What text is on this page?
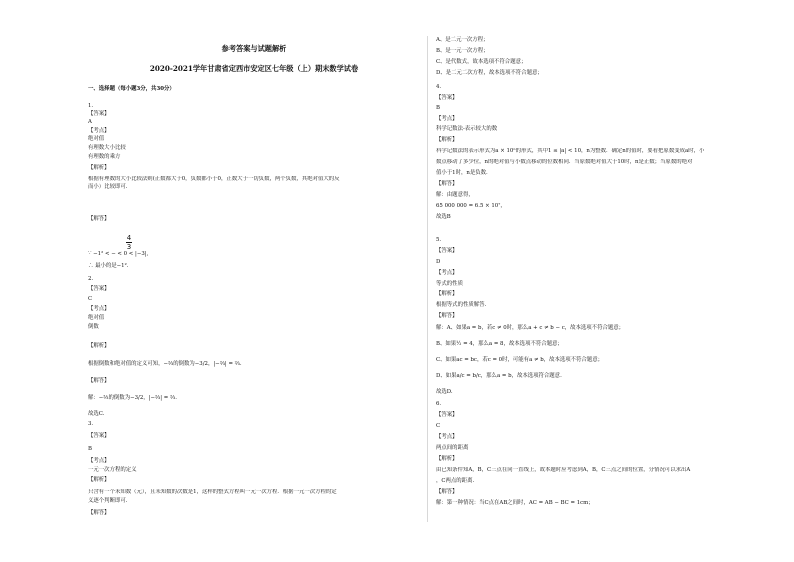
参考答案与试题解析
2020-2021学年甘肃省定西市安定区七年级（上）期末数学试卷
一、选择题（每小题3分，共30分）
1.
【答案】
A
【考点】
绝对值
有理数大小比较
有理数的乘方
【解析】
根据有理数的大小比较法则(正数都大于0，负数都小于0，正数大于一切负数，两个负数，其绝对值大的反
而小）比较即可.
【解答】
4
3
∵ −1² < − < 0 < |−3|,
∴ 最小的是−1².
2.
【答案】
C
【考点】
绝对值
倒数
【解析】
根据倒数和绝对值的定义可知，−⅔的倒数为−3/2，|−⅔| = ⅔.
【解答】
解：−⅔的倒数为−3/2，|−⅔| = ⅔.
故选C.
3.
【答案】
B
【考点】
一元一次方程的定义
【解析】
只含有一个未知数（元），且未知数的次数是1，这样的整式方程叫一元一次方程．根据一元一次方程的定
义逐个判断即可.
【解答】
A、是二元一次方程；
B、是一元一次方程；
C、是代数式，故本选项不符合题意；
D、是二元二次方程，故本选项不符合题意；
4.
【答案】
B
【考点】
科学记数法-表示较大的数
【解析】
科学记数法的表示形式为a × 10ⁿ的形式，其中1 ≤ |a| < 10，n为整数．确定n的值时，要看把原数变成a时，小
数点移动了多少位，n的绝对值与小数点移动的位数相同．当原数绝对值大于10时，n是正数；当原数的绝对
值小于1时，n是负数.
【解答】
解：由题意得，
65 000 000 = 6.5 × 10⁷，
故选B
5.
【答案】
D
【考点】
等式的性质
【解析】
根据等式的性质解答.
【解答】
解：A、如果a = b，若c ≠ 0时，那么a + c ≠ b − c，故本选项不符合题意；
B、如果½ = 4，那么a = 8，故本选项不符合题意；
C、如果ac = bc，若c = 0时，可能有a ≠ b，故本选项不符合题意；
D、如果a/c = b/c，那么a = b，故本选项符合题意.
故选D.
6.
【答案】
C
【考点】
两点间的距离
【解析】
由已知条件知A，B，C三点在同一直线上，故本题时应考虑到A，B，C三点之间的位置，分情况可以求出A
，C两点的距离.
【解答】
解：第一种情况：当C点在AB之间时，AC = AB − BC = 1cm；
